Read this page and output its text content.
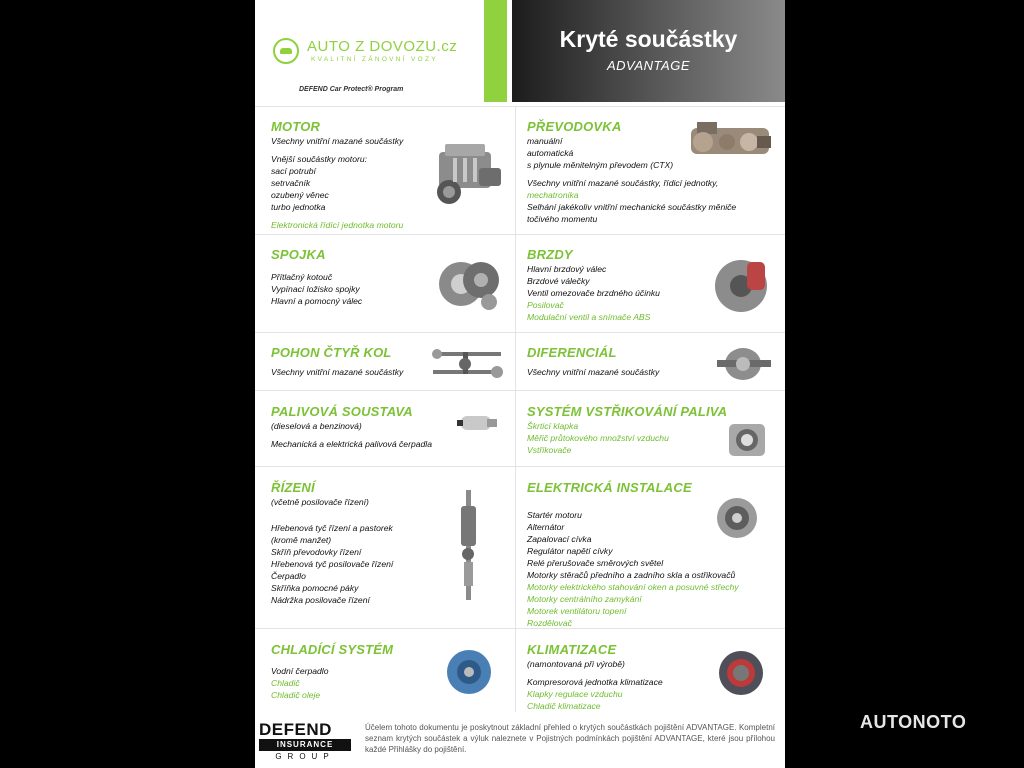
AUTO Z DOVOZU.cz
KVALITNÍ ZÁNOVNÍ VOZY
DEFEND Car Protect® Program
Kryté součástky
ADVANTAGE
MOTOR
Všechny vnitřní mazané součástky
Vnější součástky motoru:
sací potrubí
setrvačník
ozubený věnec
turbo jednotka
Elektronická řídící jednotka motoru
PŘEVODOVKA
manuální
automatická
s plynule měnitelným převodem (CTX)
Všechny vnitřní mazané součástky, řídicí jednotky,
mechatronika
Selhání jakékoliv vnitřní mechanické součástky měniče
točivého momentu
SPOJKA
Přítlačný kotouč
Vypínací ložisko spojky
Hlavní a pomocný válec
BRZDY
Hlavní brzdový válec
Brzdové válečky
Ventil omezovače brzdného účinku
Posilovač
Modulační ventil a snímače ABS
POHON ČTYŘ KOL
Všechny vnitřní mazané součástky
DIFERENCIÁL
Všechny vnitřní mazané součástky
PALIVOVÁ SOUSTAVA
(dieselová a benzinová)
Mechanická a elektrická palivová čerpadla
SYSTÉM VSTŘIKOVÁNÍ PALIVA
Škrticí klapka
Měřič průtokového množství vzduchu
Vstřikovače
ŘÍZENÍ
(včetně posilovače řízení)
Hřebenová tyč řízení a pastorek
(kromě manžet)
Skříň převodovky řízení
Hřebenová tyč posilovače řízení
Čerpadlo
Skříňka pomocné páky
Nádržka posilovače řízení
ELEKTRICKÁ INSTALACE
Startér motoru
Alternátor
Zapalovací cívka
Regulátor napětí cívky
Relé přerušovače směrových světel
Motorky stěračů předního a zadního skla a ostřikovačů
Motorky elektrického stahování oken a posuvné střechy
Motorky centrálního zamykání
Motorek ventilátoru topení
Rozdělovač
CHLADÍCÍ SYSTÉM
Vodní čerpadlo
Chladič
Chladič oleje
KLIMATIZACE
(namontovaná při výrobě)
Kompresorová jednotka klimatizace
Klapky regulace vzduchu
Chladič klimatizace
DEFEND
INSURANCE
GROUP
Účelem tohoto dokumentu je poskytnout základní přehled o krytých součástkách pojištění ADVANTAGE. Kompletní seznam krytých součástek a výluk naleznete v Pojistných podmínkách pojištění ADVANTAGE, které jsou přílohou každé Přihlášky do pojištění.
AUTONOTO
